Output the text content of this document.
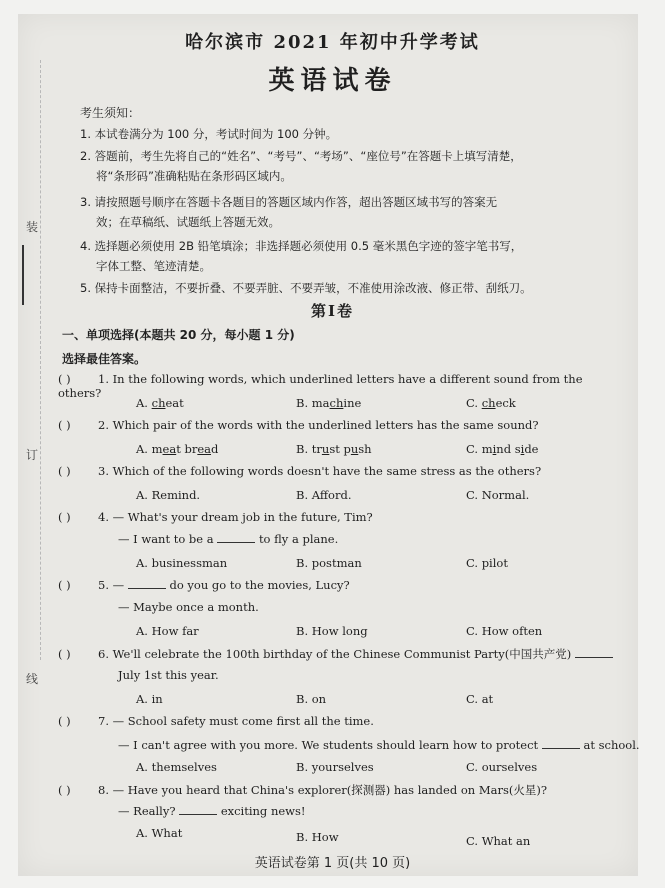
装
订
线
哈尔滨市 2021 年初中升学考试
英语试卷
考生须知：
1. 本试卷满分为 100 分，考试时间为 100 分钟。
2. 答题前，考生先将自己的“姓名”、“考号”、“考场”、“座位号”在答题卡上填写清楚，
将“条形码”准确粘贴在条形码区域内。
3. 请按照题号顺序在答题卡各题目的答题区域内作答，超出答题区域书写的答案无
效；在草稿纸、试题纸上答题无效。
4. 选择题必须使用 2B 铅笔填涂；非选择题必须使用 0.5 毫米黑色字迹的签字笔书写，
字体工整、笔迹清楚。
5. 保持卡面整洁，不要折叠、不要弄脏、不要弄皱，不准使用涂改液、修正带、刮纸刀。
第Ⅰ卷
一、单项选择(本题共 20 分，每小题 1 分)
选择最佳答案。
( ) 1. In the following words, which underlined letters have a different sound from the others?
A. cheat	B. machine	C. check
( ) 2. Which pair of the words with the underlined letters has the same sound?
A. meat bread	B. trust push	C. mind side
( ) 3. Which of the following words doesn't have the same stress as the others?
A. Remind.	B. Afford.	C. Normal.
( ) 4. — What's your dream job in the future, Tim?
— I want to be a	to fly a plane.
A. businessman	B. postman	C. pilot
( ) 5. —	do you go to the movies, Lucy?
— Maybe once a month.
A. How far	B. How long	C. How often
( ) 6. We'll celebrate the 100th birthday of the Chinese Communist Party(中国共产党)
July 1st this year.
A. in	B. on	C. at
( ) 7. — School safety must come first all the time.
— I can't agree with you more. We students should learn how to protect	at school.
A. themselves	B. yourselves	C. ourselves
( ) 8. — Have you heard that China's explorer(探测器) has landed on Mars(火星)?
— Really?	exciting news!
A. What	B. How	C. What an
英语试卷第 1 页(共 10 页)
